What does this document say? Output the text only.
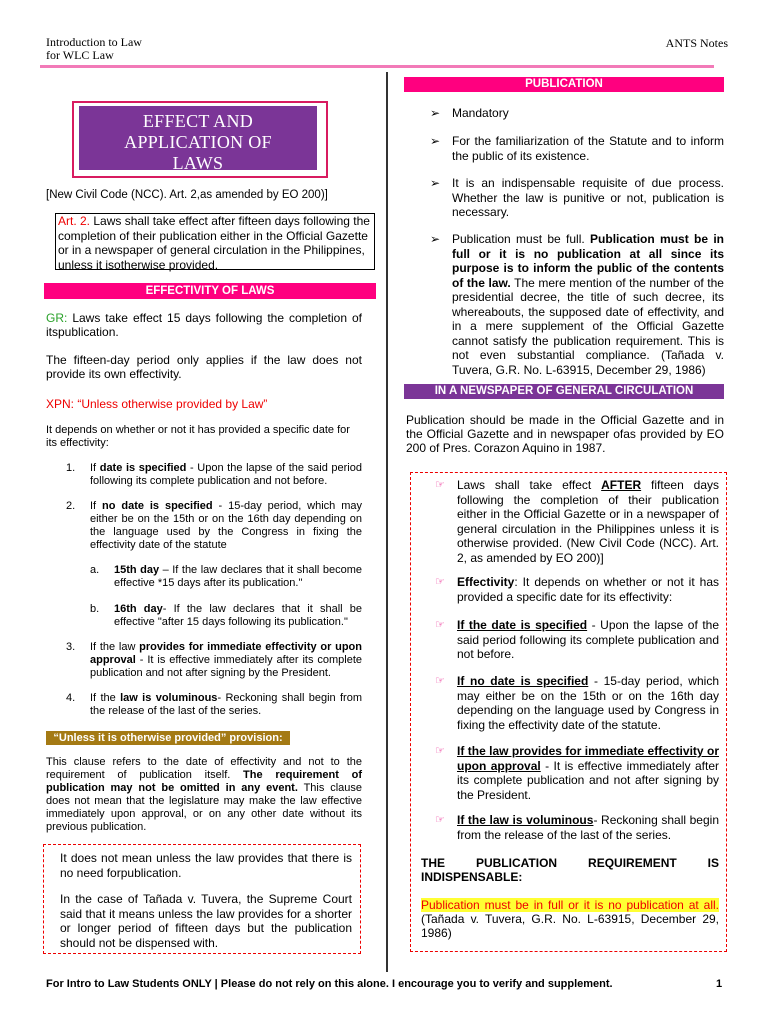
Introduction to Law
for WLC Law
ANTS Notes
EFFECT AND
APPLICATION OF
LAWS
[New Civil Code (NCC). Art. 2,as amended by EO 200)]
Art. 2. Laws shall take effect after fifteen days following the completion of their publication either in the Official Gazette or in a newspaper of general circulation in the Philippines, unless it isotherwise provided.
EFFECTIVITY OF LAWS
GR: Laws take effect 15 days following the completion of itspublication.
The fifteen-day period only applies if the law does not provide its own effectivity.
XPN: “Unless otherwise provided by Law”
It depends on whether or not it has provided a specific date for its effectivity:
1. If date is specified - Upon the lapse of the said period following its complete publication and not before.
2. If no date is specified - 15-day period, which may either be on the 15th or on the 16th day depending on the language used by the Congress in fixing the effectivity date of the statute
a. 15th day – If the law declares that it shall become effective *15 days after its publication."
b. 16th day- If the law declares that it shall be effective "after 15 days following its publication."
3. If the law provides for immediate effectivity or upon approval - It is effective immediately after its complete publication and not after signing by the President.
4. If the law is voluminous- Reckoning shall begin from the release of the last of the series.
“Unless it is otherwise provided” provision:
This clause refers to the date of effectivity and not to the requirement of publication itself. The requirement of publication may not be omitted in any event. This clause does not mean that the legislature may make the law effective immediately upon approval, or on any other date without its previous publication.
It does not mean unless the law provides that there is no need forpublication.
In the case of Tañada v. Tuvera, the Supreme Court said that it means unless the law provides for a shorter or longer period of fifteen days but the publication should not be dispensed with.
PUBLICATION
➢ Mandatory
➢ For the familiarization of the Statute and to inform the public of its existence.
➢ It is an indispensable requisite of due process. Whether the law is punitive or not, publication is necessary.
➢ Publication must be full. Publication must be in full or it is no publication at all since its purpose is to inform the public of the contents of the law. The mere mention of the number of the presidential decree, the title of such decree, its whereabouts, the supposed date of effectivity, and in a mere supplement of the Official Gazette cannot satisfy the publication requirement. This is not even substantial compliance. (Tañada v. Tuvera, G.R. No. L-63915, December 29, 1986)
IN A NEWSPAPER OF GENERAL CIRCULATION
Publication should be made in the Official Gazette and in the Official Gazette and in newspaper ofas provided by EO 200 of Pres. Corazon Aquino in 1987.
☞	Laws shall take effect AFTER fifteen days following the completion of their publication either in the Official Gazette or in a newspaper of general circulation in the Philippines unless it is otherwise provided. (New Civil Code (NCC). Art. 2, as amended by EO 200)]
☞	Effectivity: It depends on whether or not it has provided a specific date for its effectivity:
☞	If the date is specified - Upon the lapse of the said period following its complete publication and not before.
☞	If no date is specified - 15-day period, which may either be on the 15th or on the 16th day depending on the language used by Congress in fixing the effectivity date of the statute.
☞	If the law provides for immediate effectivity or upon approval - It is effective immediately after its complete publication and not after signing by the President.
☞	If the law is voluminous- Reckoning shall begin from the release of the last of the series.
THE PUBLICATION REQUIREMENT IS INDISPENSABLE:
Publication must be in full or it is no publication at all. (Tañada v. Tuvera, G.R. No. L-63915, December 29, 1986)
For Intro to Law Students ONLY | Please do not rely on this alone. I encourage you to verify and supplement.	1
